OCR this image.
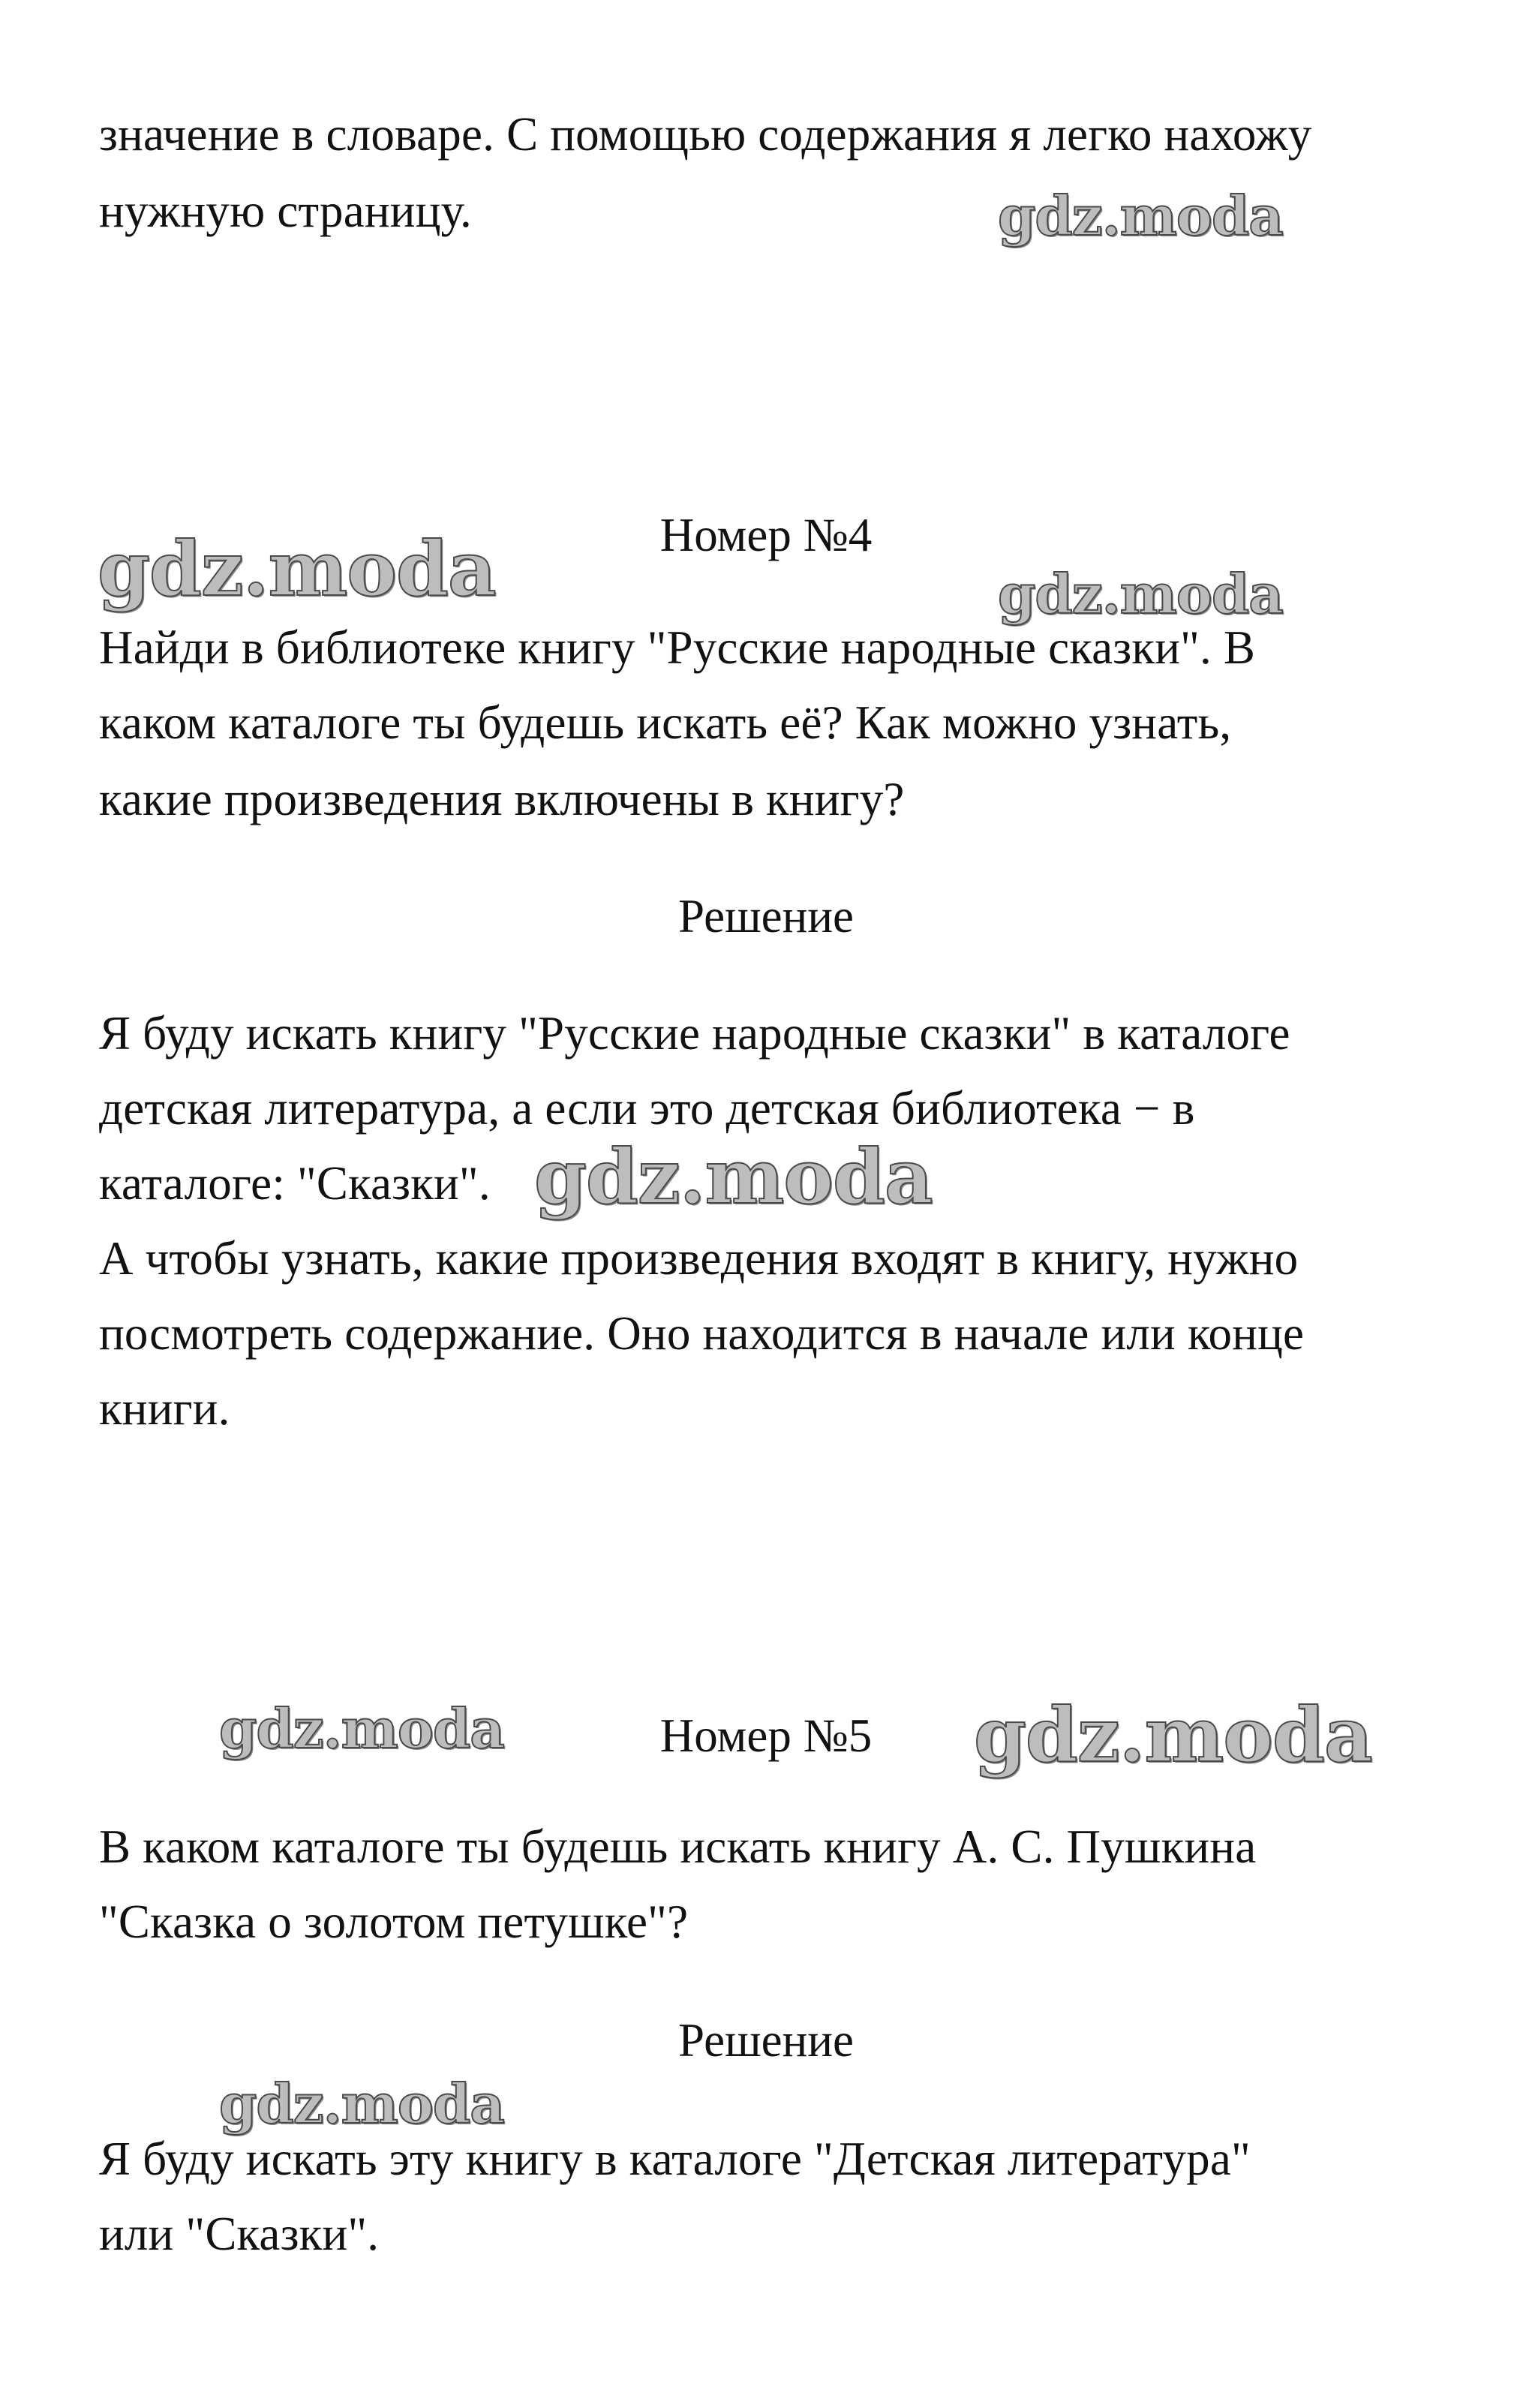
значение в словаре. С помощью содержания я легко нахожу
нужную страницу.
Номер №4
Найди в библиотеке книгу "Русские народные сказки". В
каком каталоге ты будешь искать её? Как можно узнать,
какие произведения включены в книгу?
Решение
Я буду искать книгу "Русские народные сказки" в каталоге
детская литература, а если это детская библиотека − в
каталоге: "Сказки".
А чтобы узнать, какие произведения входят в книгу, нужно
посмотреть содержание. Оно находится в начале или конце
книги.
Номер №5
В каком каталоге ты будешь искать книгу А. С. Пушкина
"Сказка о золотом петушке"?
Решение
Я буду искать эту книгу в каталоге "Детская литература"
или "Сказки".
gdz.moda
gdz.moda	gdz.moda
gdz.moda
gdz.moda	gdz.moda
gdz.moda
